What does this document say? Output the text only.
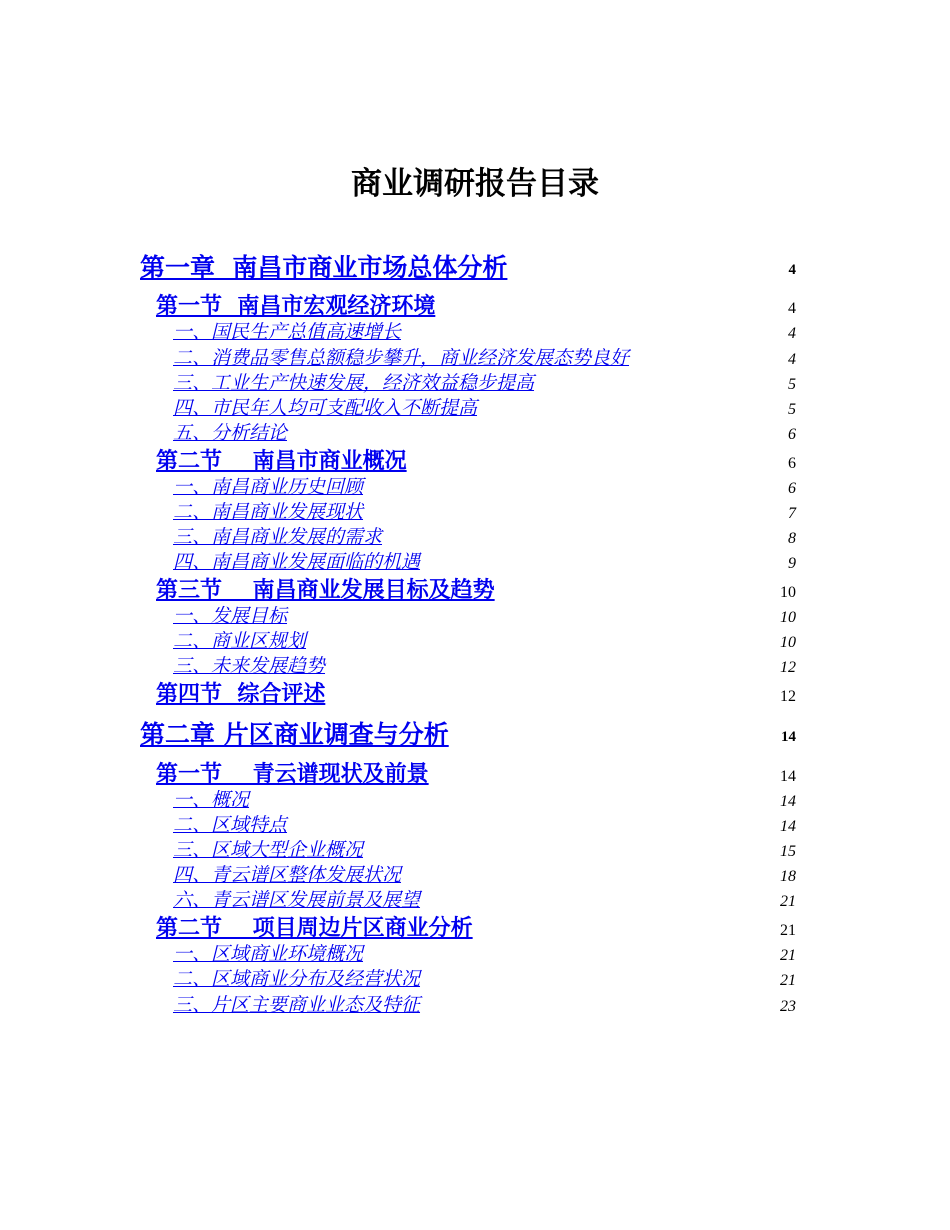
商业调研报告目录
第一章  南昌市商业市场总体分析	4
第一节  南昌市宏观经济环境	4
一、国民生产总值高速增长	4
二、消费品零售总额稳步攀升，商业经济发展态势良好	4
三、工业生产快速发展，经济效益稳步提高	5
四、市民年人均可支配收入不断提高	5
五、分析结论	6
第二节    南昌市商业概况	6
一、南昌商业历史回顾	6
二、南昌商业发展现状	7
三、南昌商业发展的需求	8
四、南昌商业发展面临的机遇	9
第三节    南昌商业发展目标及趋势	10
一、发展目标	10
二、商业区规划	10
三、未来发展趋势	12
第四节  综合评述	12
第二章 片区商业调查与分析	14
第一节    青云谱现状及前景	14
一、概况	14
二、区域特点	14
三、区域大型企业概况	15
四、青云谱区整体发展状况	18
六、青云谱区发展前景及展望	21
第二节    项目周边片区商业分析	21
一、区域商业环境概况	21
二、区域商业分布及经营状况	21
三、片区主要商业业态及特征	23
